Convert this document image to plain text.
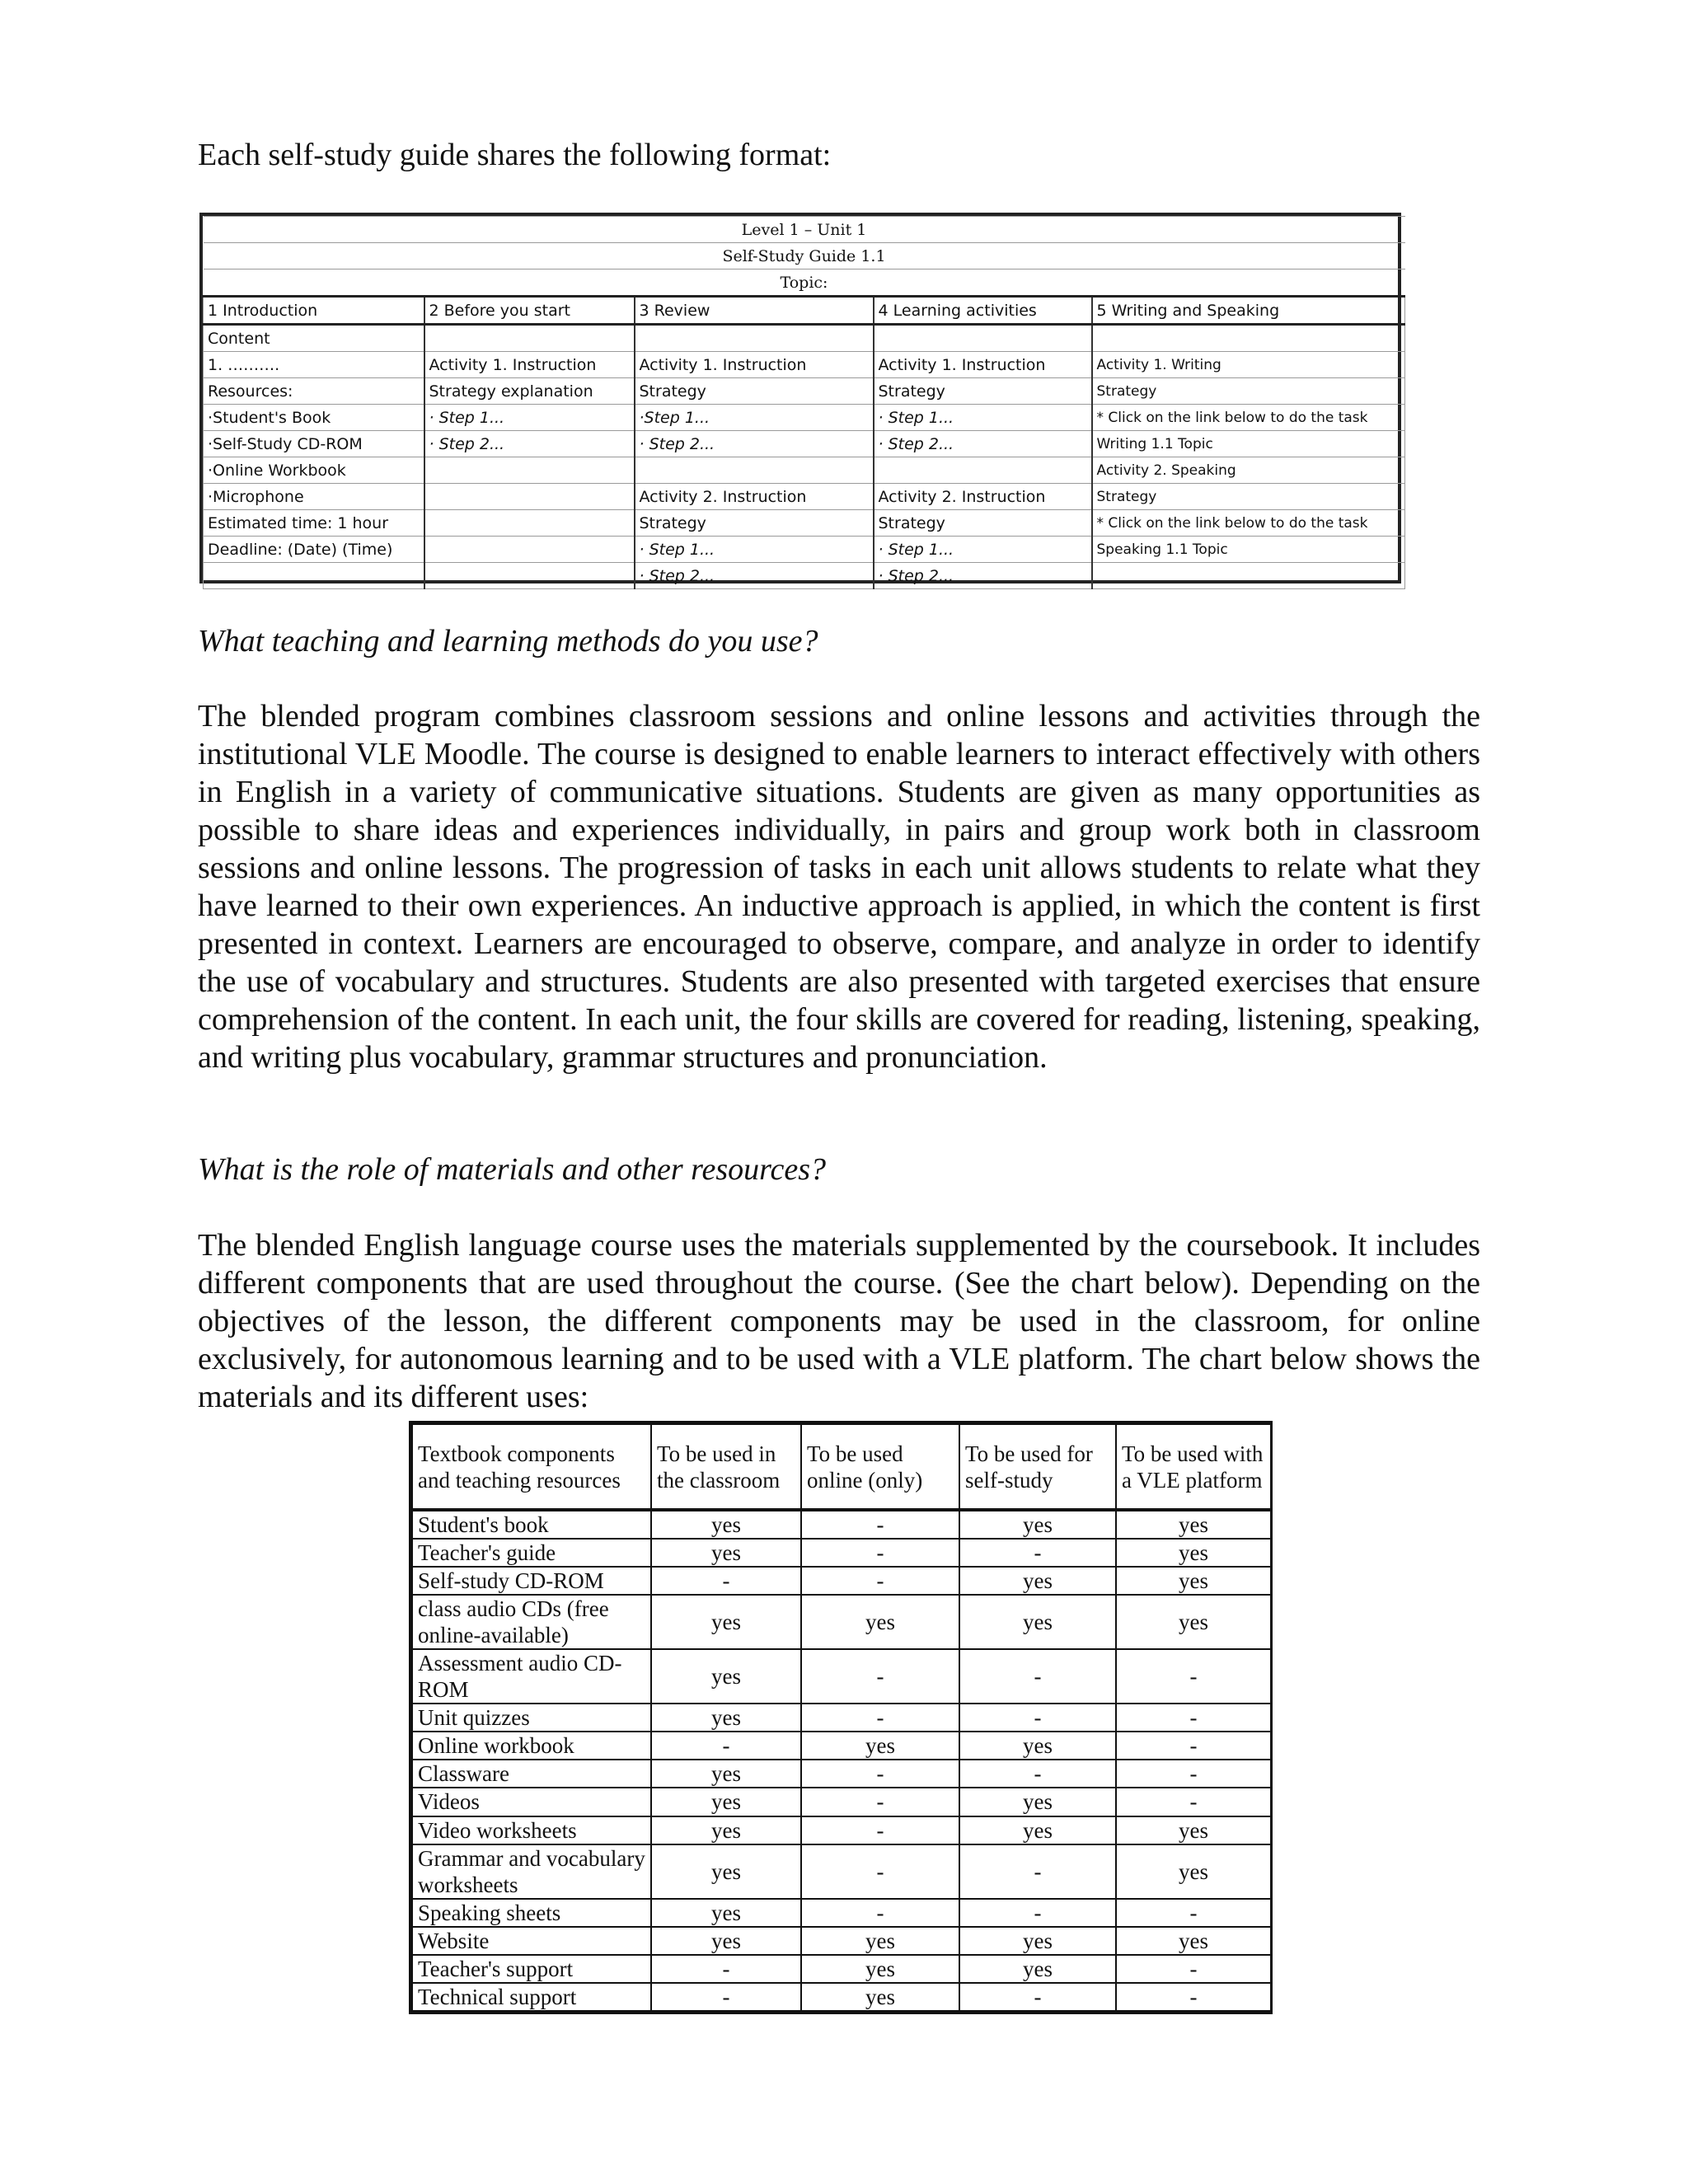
Each self-study guide shares the following format:
Level 1 – Unit 1				
Self-Study Guide 1.1				
Topic:				
1 Introduction	2 Before you start	3 Review	4 Learning activities	5 Writing and Speaking
Content				
1. ……….	Activity 1. Instruction	Activity 1. Instruction	Activity 1. Instruction	Activity 1. Writing
Resources:	Strategy explanation	Strategy	Strategy	Strategy
·Student's Book	· Step 1...	·Step 1...	· Step 1...	* Click on the link below to do the task
·Self-Study CD-ROM	· Step 2...	· Step 2...	· Step 2...	Writing 1.1 Topic
·Online Workbook				Activity 2. Speaking
·Microphone		Activity 2. Instruction	Activity 2. Instruction	Strategy
Estimated time: 1 hour		Strategy	Strategy	* Click on the link below to do the task
Deadline: (Date) (Time)		· Step 1...	· Step 1...	Speaking 1.1 Topic
		· Step 2...	· Step 2...	
What teaching and learning methods do you use?
The blended program combines classroom sessions and online lessons and activities through the institutional VLE Moodle. The course is designed to enable learners to interact effectively with others in English in a variety of communicative situations. Students are given as many opportunities as possible to share ideas and experiences individually, in pairs and group work both in classroom sessions and online lessons. The progression of tasks in each unit allows students to relate what they have learned to their own experiences. An inductive approach is applied, in which the content is first presented in context. Learners are encouraged to observe, compare, and analyze in order to identify the use of vocabulary and structures. Students are also presented with targeted exercises that ensure comprehension of the content. In each unit, the four skills are covered for reading, listening, speaking, and writing plus vocabulary, grammar structures and pronunciation.
What is the role of materials and other resources?
The blended English language course uses the materials supplemented by the coursebook. It includes different components that are used throughout the course. (See the chart below). Depending on the objectives of the lesson, the different components may be used in the classroom, for online exclusively, for autonomous learning and to be used with a VLE platform. The chart below shows the materials and its different uses:
Textbook components and teaching resources	To be used in the classroom	To be used online (only)	To be used for self-study	To be used with a VLE platform
Student's book	yes	-	yes	yes
Teacher's guide	yes	-	-	yes
Self-study CD-ROM	-	-	yes	yes
class audio CDs (free online-available)	yes	yes	yes	yes
Assessment audio CD-ROM	yes	-	-	-
Unit quizzes	yes	-	-	-
Online workbook	-	yes	yes	-
Classware	yes	-	-	-
Videos	yes	-	yes	-
Video worksheets	yes	-	yes	yes
Grammar and vocabulary worksheets	yes	-	-	yes
Speaking sheets	yes	-	-	-
Website	yes	yes	yes	yes
Teacher's support	-	yes	yes	-
Technical support	-	yes	-	-
